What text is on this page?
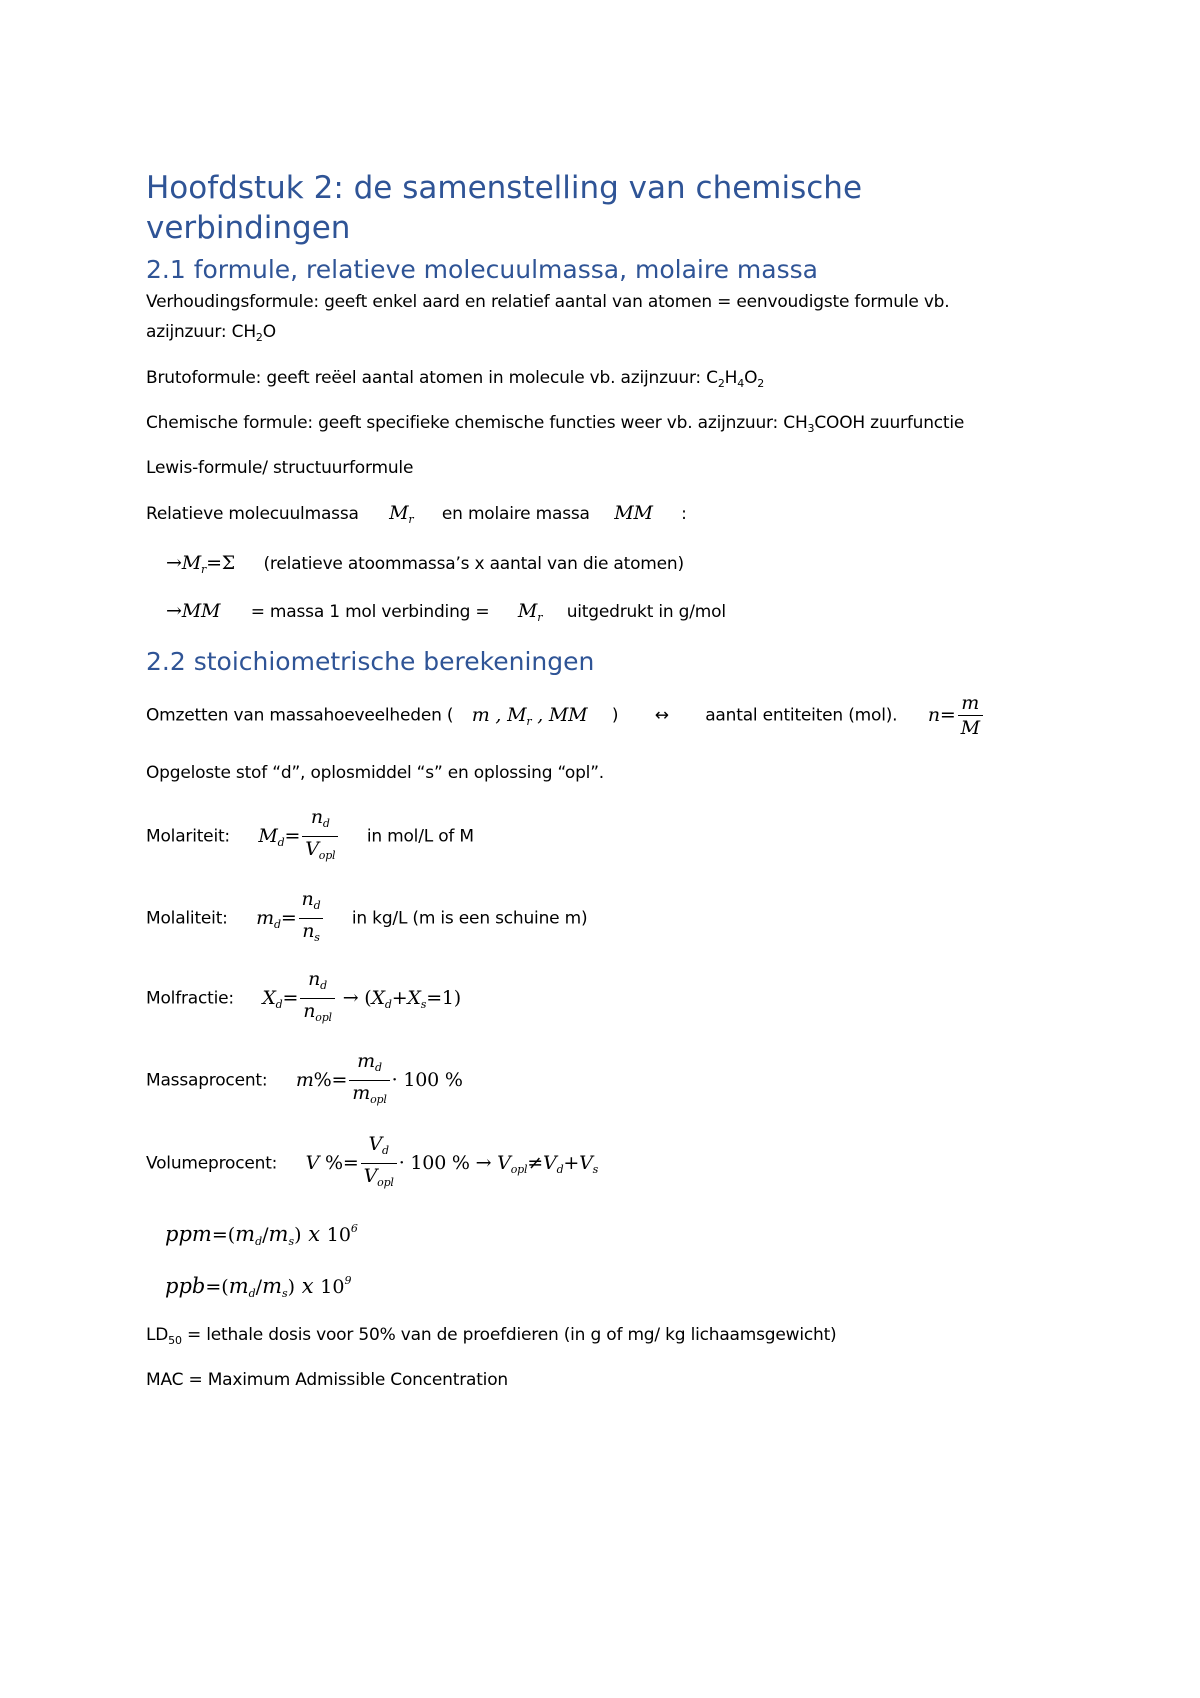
Hoofdstuk 2: de samenstelling van chemische
verbindingen
2.1 formule, relatieve molecuulmassa, molaire massa
Verhoudingsformule: geeft enkel aard en relatief aantal van atomen = eenvoudigste formule vb.
azijnzuur: $CH_2O$
Brutoformule: geeft reëel aantal atomen in molecule vb. azijnzuur: $C_2H_4O_2$
Chemische formule: geeft specifieke chemische functies weer vb. azijnzuur: $CH_3COOH$ zuurfunctie
Lewis-formule/ structuurformule
Relatieve molecuulmassa $M_r$ en molaire massa MM :
$\to M_r=\Sigma$ (relatieve atoommassa’s x aantal van die atomen)
→MM = massa 1 mol verbinding = $M_r$ uitgedrukt in g/mol
2.2 stoichiometrische berekeningen
Omzetten van massahoeveelheden ( m , $M_r$ , MM ) ↔ aantal entiteiten (mol). $n= \frac{m}{M}$
Opgeloste stof “d”, oplosmiddel “s” en oplossing “opl”.
Molariteit: $M_d= \frac{n_d}{V_{opl}}$ in mol/L of M
Molaliteit: $m_d= \frac{n_d}{n_s}$ in kg/L (m is een schuine m)
Molfractie: $X_d= \frac{n_d}{n_{opl}} \to (X_d+X_s=1)$
Massaprocent: $m\%= \frac{m_d}{m_{opl}} \cdot 100$ %
Volumeprocent: V %= $\frac{V_d}{V_{opl}} \cdot 100$ % → $V_{opl}\ne V_d+V_s$
$ppm=(m_d/m_s)$ x $10^6$
$ppb=(m_d/m_s)$ x $10^9$
$LD_{50}$ = lethale dosis voor 50% van de proefdieren (in g of mg/ kg lichaamsgewicht)
MAC = Maximum Admissible Concentration
